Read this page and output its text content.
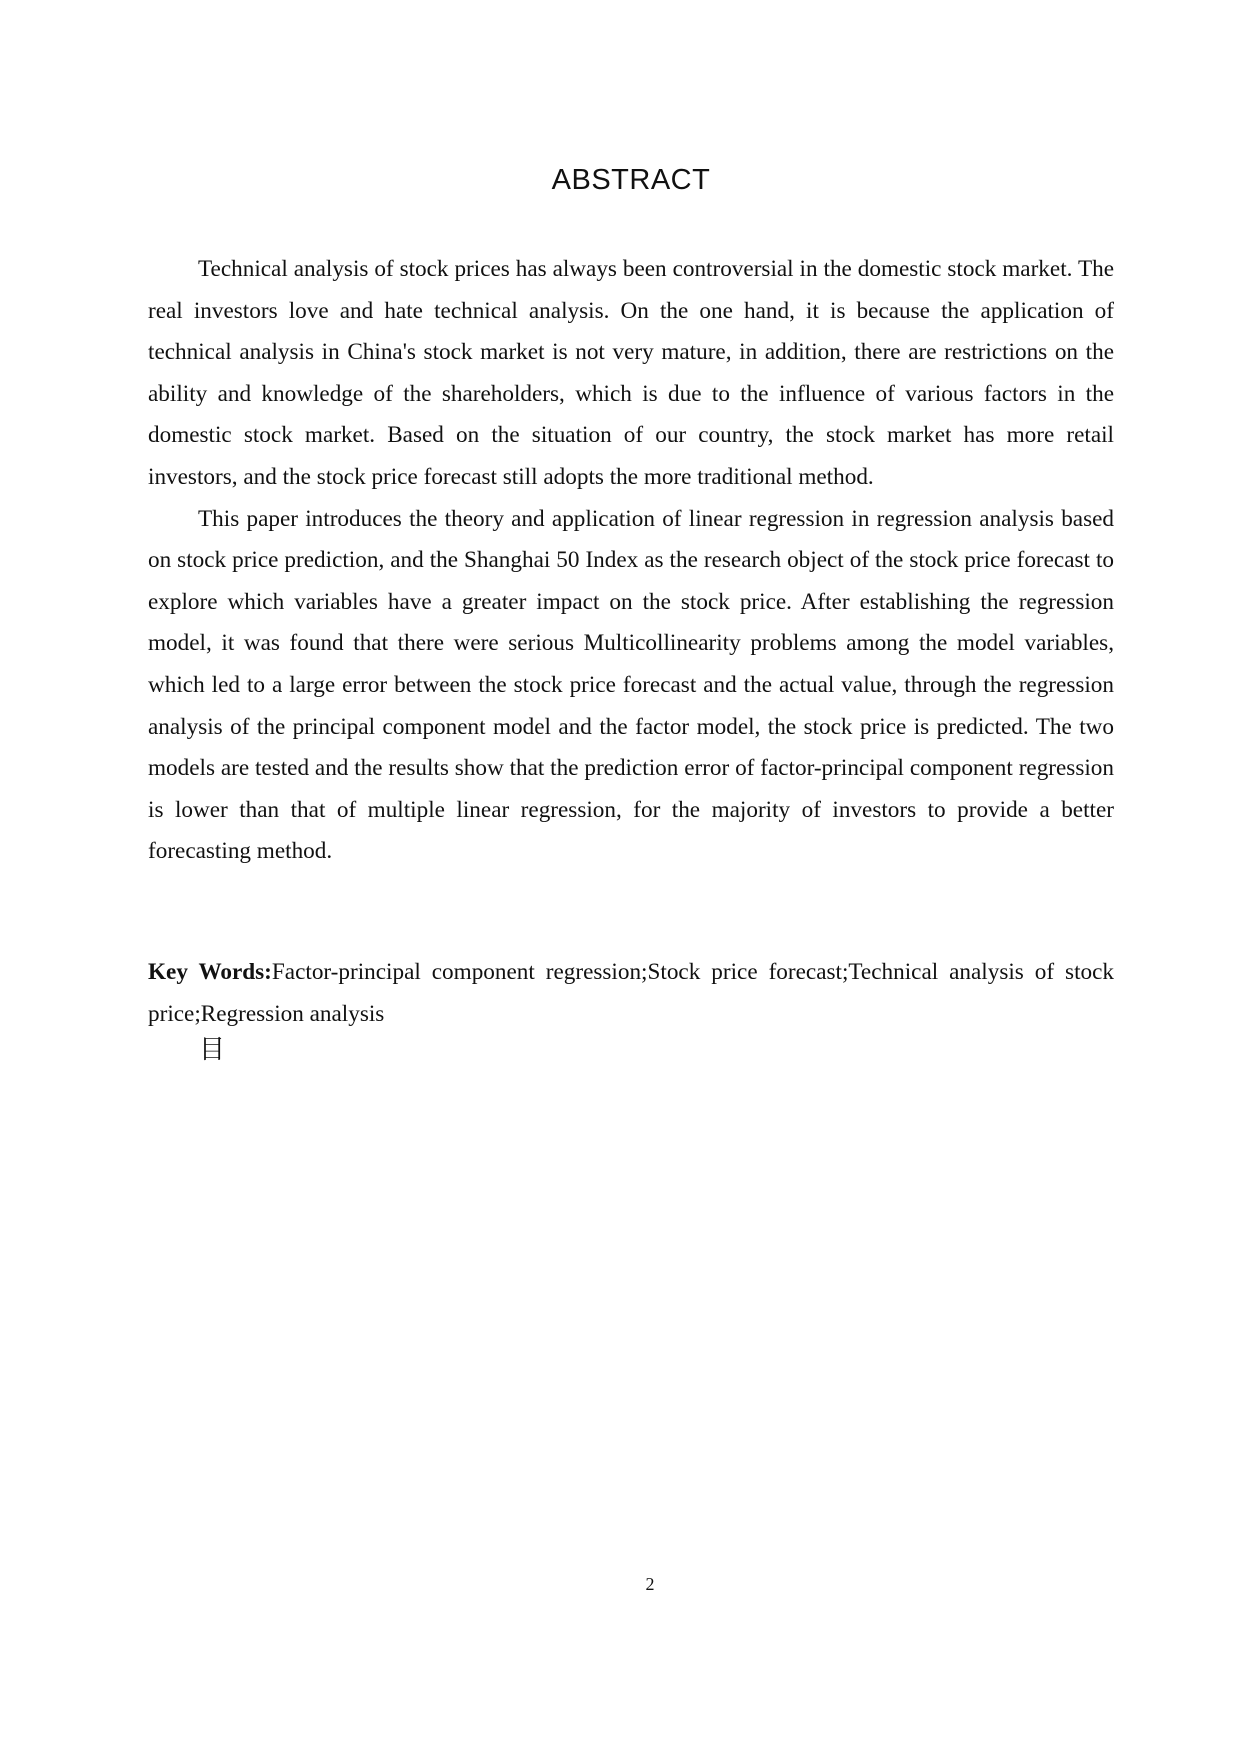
ABSTRACT

Technical analysis of stock prices has always been controversial in the domestic stock market. The real investors love and hate technical analysis. On the one hand, it is because the application of technical analysis in China's stock market is not very mature, in addition, there are restrictions on the ability and knowledge of the shareholders, which is due to the influence of various factors in the domestic stock market. Based on the situation of our country, the stock market has more retail investors, and the stock price forecast still adopts the more traditional method.

This paper introduces the theory and application of linear regression in regression analysis based on stock price prediction, and the Shanghai 50 Index as the research object of the stock price forecast to explore which variables have a greater impact on the stock price. After establishing the regression model, it was found that there were serious Multicollinearity problems among the model variables, which led to a large error between the stock price forecast and the actual value, through the regression analysis of the principal component model and the factor model, the stock price is predicted. The two models are tested and the results show that the prediction error of factor-principal component regression is lower than that of multiple linear regression, for the majority of investors to provide a better forecasting method.

Key Words:Factor-principal component regression;Stock price forecast;Technical analysis of stock price;Regression analysis

目
2
